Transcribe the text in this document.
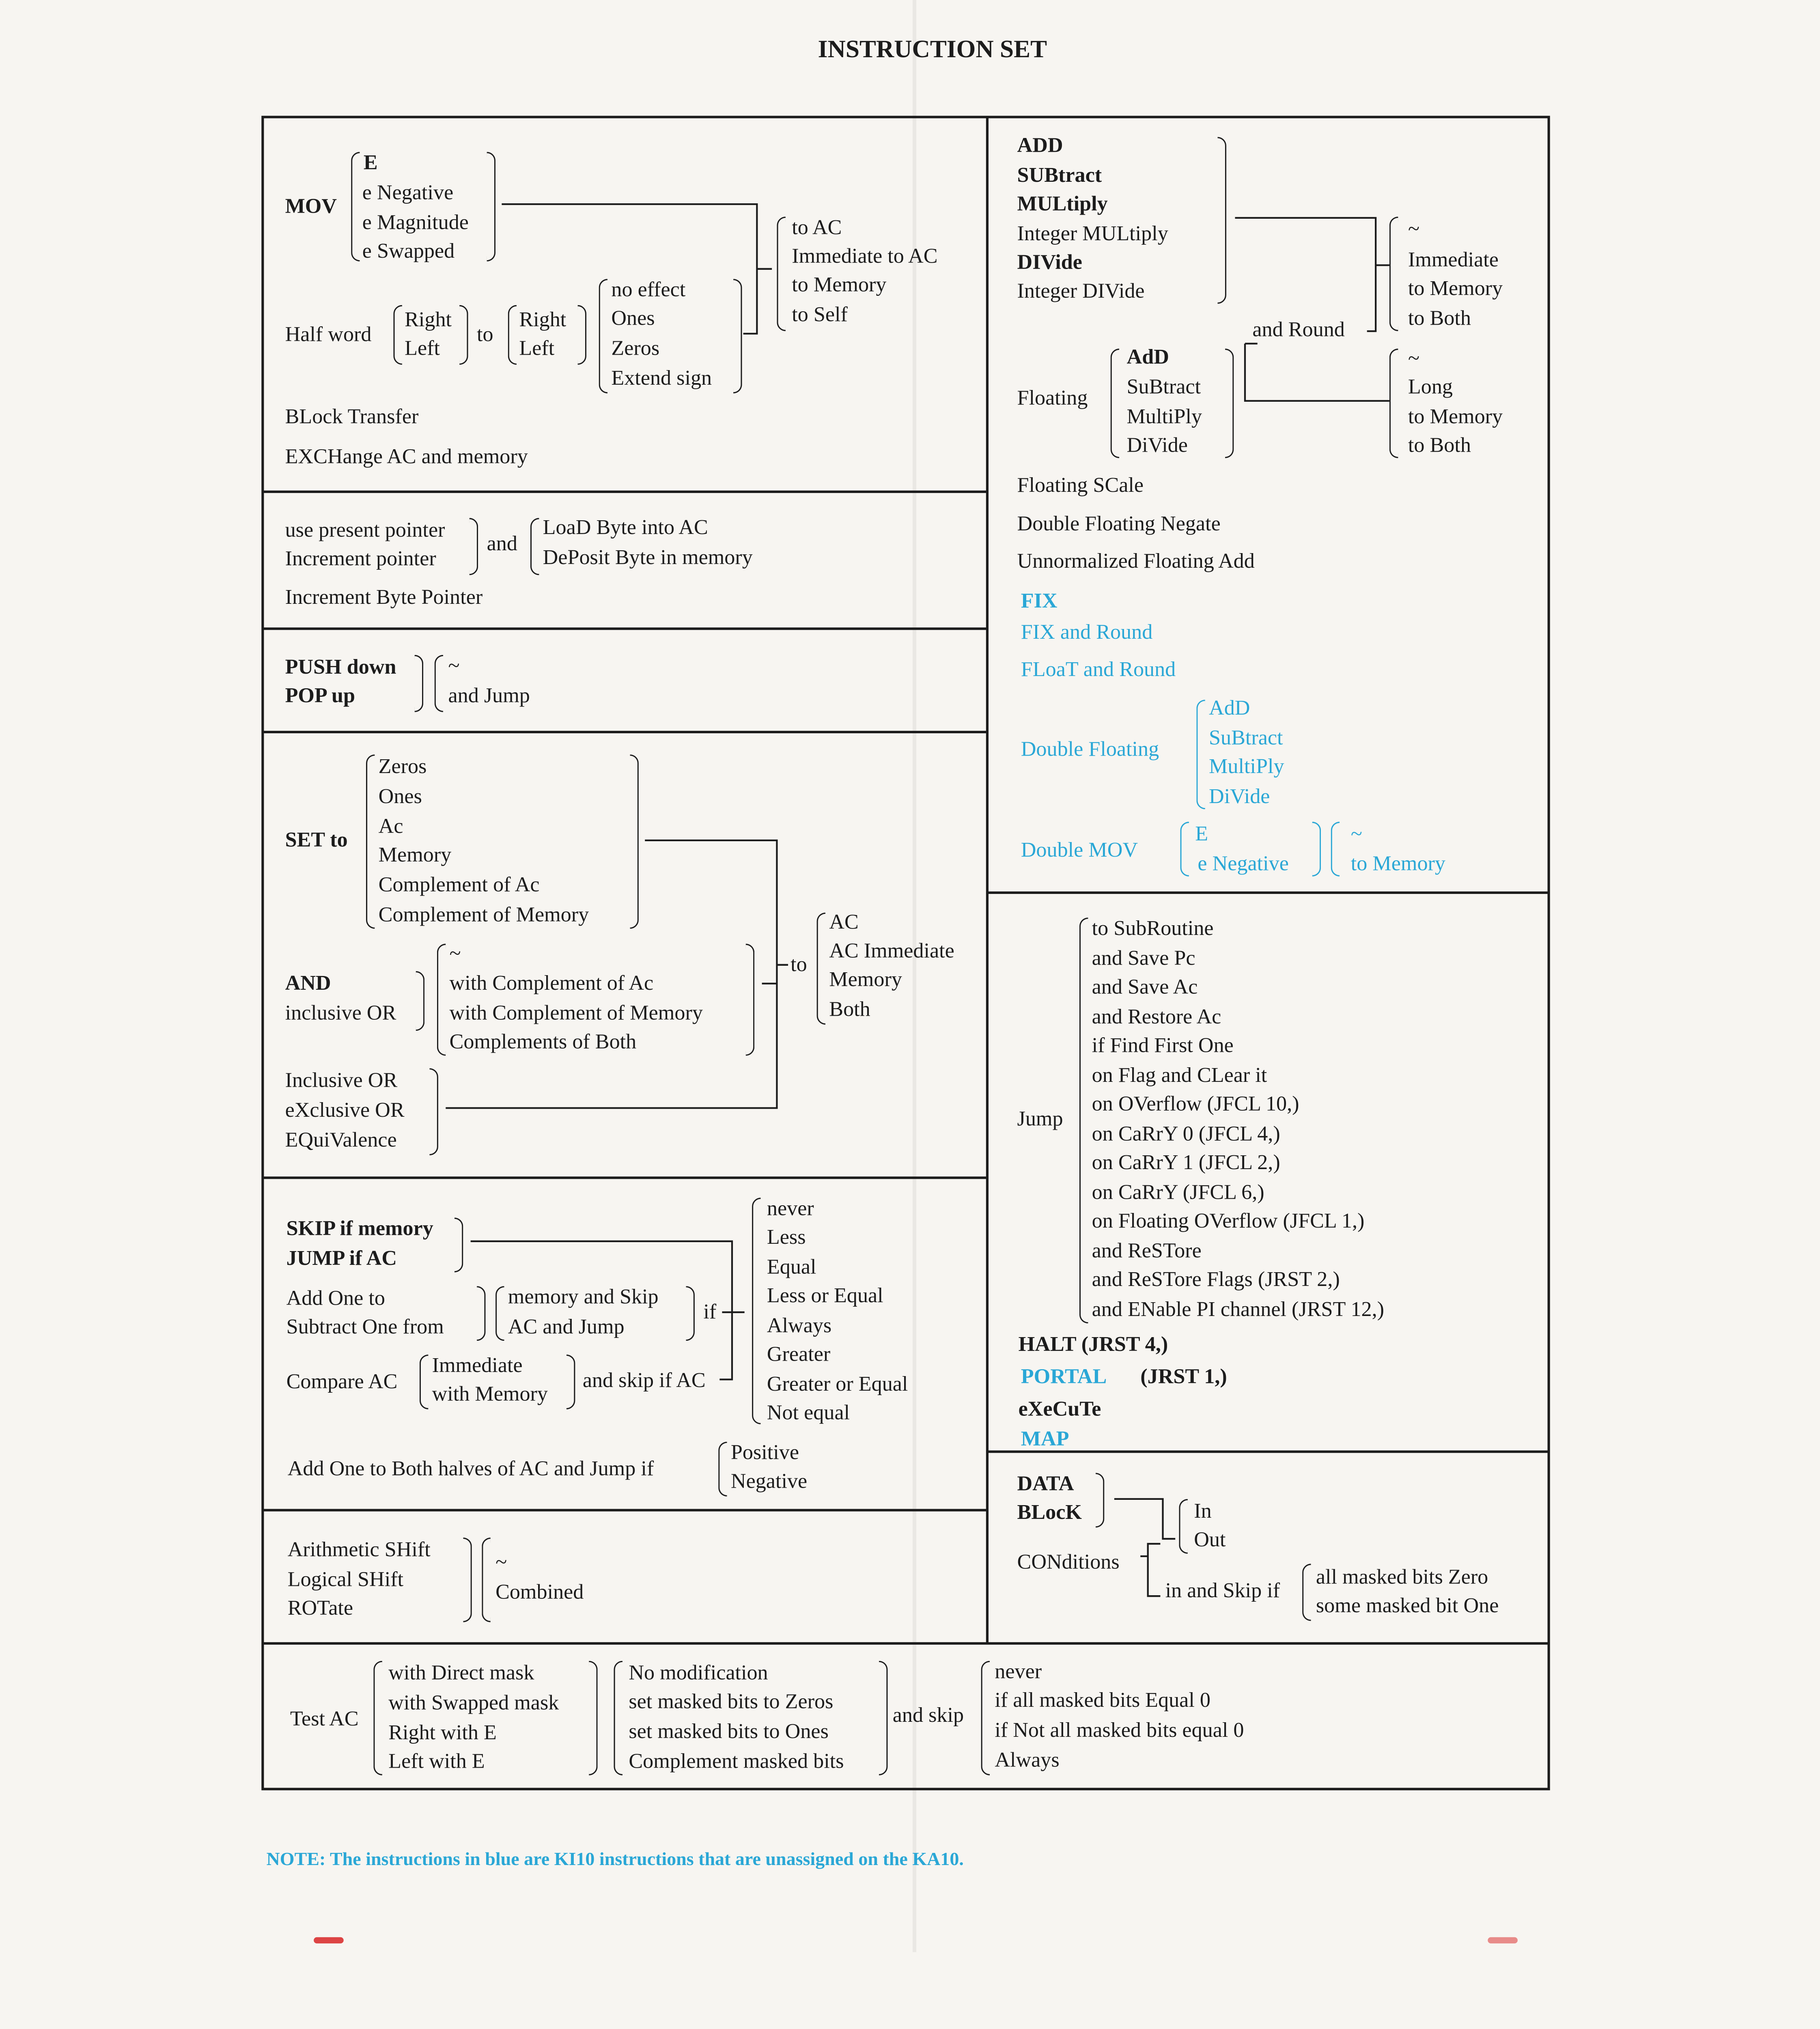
INSTRUCTION SET
MOV
E
e Negative
e Magnitude
e Swapped
to AC
Immediate to AC
to Memory
to Self
Half word
Right
Left
to
Right
Left
no effect
Ones
Zeros
Extend sign
BLock Transfer
EXCHange AC and memory
use present pointer
Increment pointer
and
LoaD Byte into AC
DePosit Byte in memory
Increment Byte Pointer
PUSH down
POP up
~
and Jump
SET to
Zeros
Ones
Ac
Memory
Complement of Ac
Complement of Memory
AND
inclusive OR
~
with Complement of Ac
with Complement of Memory
Complements of Both
to
AC
AC Immediate
Memory
Both
Inclusive OR
eXclusive OR
EQuiValence
SKIP if memory
JUMP if AC
Add One to
Subtract One from
memory and Skip
AC and Jump
if
Compare AC
Immediate
with Memory
and skip if AC
never
Less
Equal
Less or Equal
Always
Greater
Greater or Equal
Not equal
Add One to Both halves of AC and Jump if
Positive
Negative
Arithmetic SHift
Logical SHift
ROTate
~
Combined
Test AC
with Direct mask
with Swapped mask
Right with E
Left with E
No modification
set masked bits to Zeros
set masked bits to Ones
Complement masked bits
and skip
never
if all masked bits Equal 0
if Not all masked bits equal 0
Always
ADD
SUBtract
MULtiply
Integer MULtiply
DIVide
Integer DIVide
~
Immediate
to Memory
to Both
and Round
Floating
AdD
SuBtract
MultiPly
DiVide
~
Long
to Memory
to Both
Floating SCale
Double Floating Negate
Unnormalized Floating Add
FIX
FIX and Round
FLoaT and Round
Double Floating
AdD
SuBtract
MultiPly
DiVide
Double MOV
E
e Negative
~
to Memory
Jump
to SubRoutine
and Save Pc
and Save Ac
and Restore Ac
if Find First One
on Flag and CLear it
on OVerflow (JFCL 10,)
on CaRrY 0 (JFCL 4,)
on CaRrY 1 (JFCL 2,)
on CaRrY (JFCL 6,)
on Floating OVerflow (JFCL 1,)
and ReSTore
and ReSTore Flags (JRST 2,)
and ENable PI channel (JRST 12,)
HALT (JRST 4,)
PORTAL	(JRST 1,)
eXeCuTe
MAP
DATA
BLocK	In
Out
CONditions
in and Skip if
all masked bits Zero
some masked bit One
NOTE: The instructions in blue are KI10 instructions that are unassigned on the KA10.
